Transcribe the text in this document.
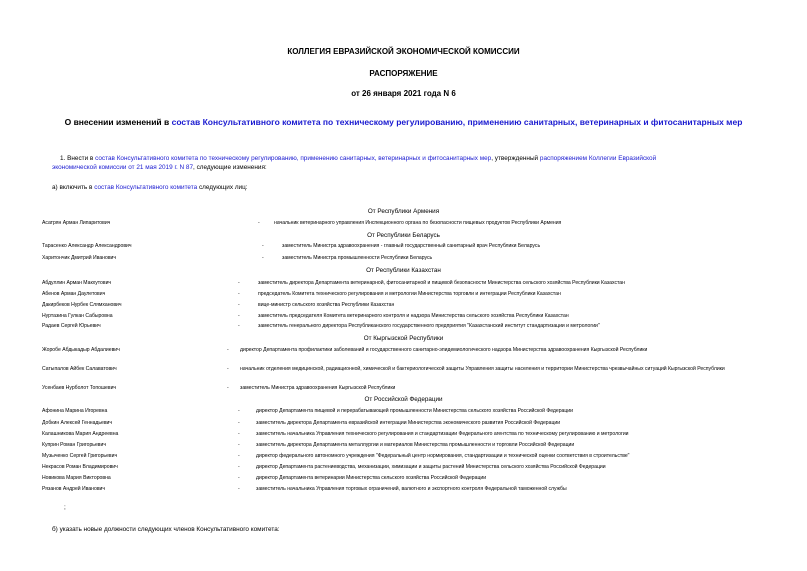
КОЛЛЕГИЯ ЕВРАЗИЙСКОЙ ЭКОНОМИЧЕСКОЙ КОМИССИИ
РАСПОРЯЖЕНИЕ
от 26 января 2021 года N 6
О внесении изменений в состав Консультативного комитета по техническому регулированию, применению санитарных, ветеринарных и фитосанитарных мер
1. Внести в состав Консультативного комитета по техническому регулированию, применению санитарных, ветеринарных и фитосанитарных мер, утвержденный распоряжением Коллегии Евразийской
экономической комиссии от 21 мая 2019 г. N 87, следующие изменения:
а) включить в состав Консультативного комитета следующих лиц:
От Республики Армения
Асатрян Арман Липаритович	-	начальник ветеринарного управления Инспекционного органа по безопасности пищевых продуктов Республики Армения
От Республики Беларусь
Тарасенко Александр Александрович	-	заместитель Министра здравоохранения - главный государственный санитарный врач Республики Беларусь
Харитончик Дмитрий Иванович	-	заместитель Министра промышленности Республики Беларусь
От Республики Казахстан
Абдуллин Арман Макхутович	-	заместитель директора Департамента ветеринарной, фитосанитарной и пищевой безопасности Министерства сельского хозяйства Республики Казахстан
Абенов Арман Даулетович	-	председатель Комитета технического регулирования и метрологии Министерства торговли и интеграции Республики Казахстан
Дакирбеков Нурбек Слямханович	-	вице-министр сельского хозяйства Республики Казахстан
Нуртазина Гулкан Сабыровна	-	заместитель председателя Комитета ветеринарного контроля и надзора Министерства сельского хозяйства Республики Казахстан
Радаев Сергей Юрьевич	-	заместитель генерального директора Республиканского государственного предприятия "Казахстанский институт стандартизации и метрологии"
От Кыргызской Республики
Жоробе Абдыкадыр Абдалиевич	- директор Департамента профилактики заболеваний и государственного санитарно-эпидемиологического надзора Министерства здравоохранения Кыргызской Республики
Сатыпалов Айбек Салаватович	- начальник отделения медицинской, радиационной, химической и бактериологической защиты Управления защиты населения и территории Министерства чрезвычайных ситуаций Кыргызской Республики
Усенбаев Нурболот Топошевич	- заместитель Министра здравоохранения Кыргызской Республики
От Российской Федерации
Афонина Марина Игоревна	-	директор Департамента пищевой и перерабатывающей промышленности Министерства сельского хозяйства Российской Федерации
Добкин Алексей Геннадьевич	-	заместитель директора Департамента евразийской интеграции Министерства экономического развития Российской Федерации
Калашникова Мария Андреевна	-	заместитель начальника Управления технического регулирования и стандартизации Федерального агентства по техническому регулированию и метрологии
Куприн Роман Григорьевич	-	заместитель директора Департамента металлургии и материалов Министерства промышленности и торговли Российской Федерации
Музыченко Сергей Григорьевич	-	директор федерального автономного учреждения "Федеральный центр нормирования, стандартизации и технической оценки соответствия в строительстве"
Некрасов Роман Владимирович	-	директор Департамента растениеводства, механизации, химизации и защиты растений Министерства сельского хозяйства Российской Федерации
Новикова Мария Викторовна	-	директор Департамента ветеринарии Министерства сельского хозяйства Российской Федерации
Рязанов Андрей Иванович	-	заместитель начальника Управления торговых ограничений, валютного и экспортного контроля Федеральной таможенной службы
;
б) указать новые должности следующих членов Консультативного комитета:
